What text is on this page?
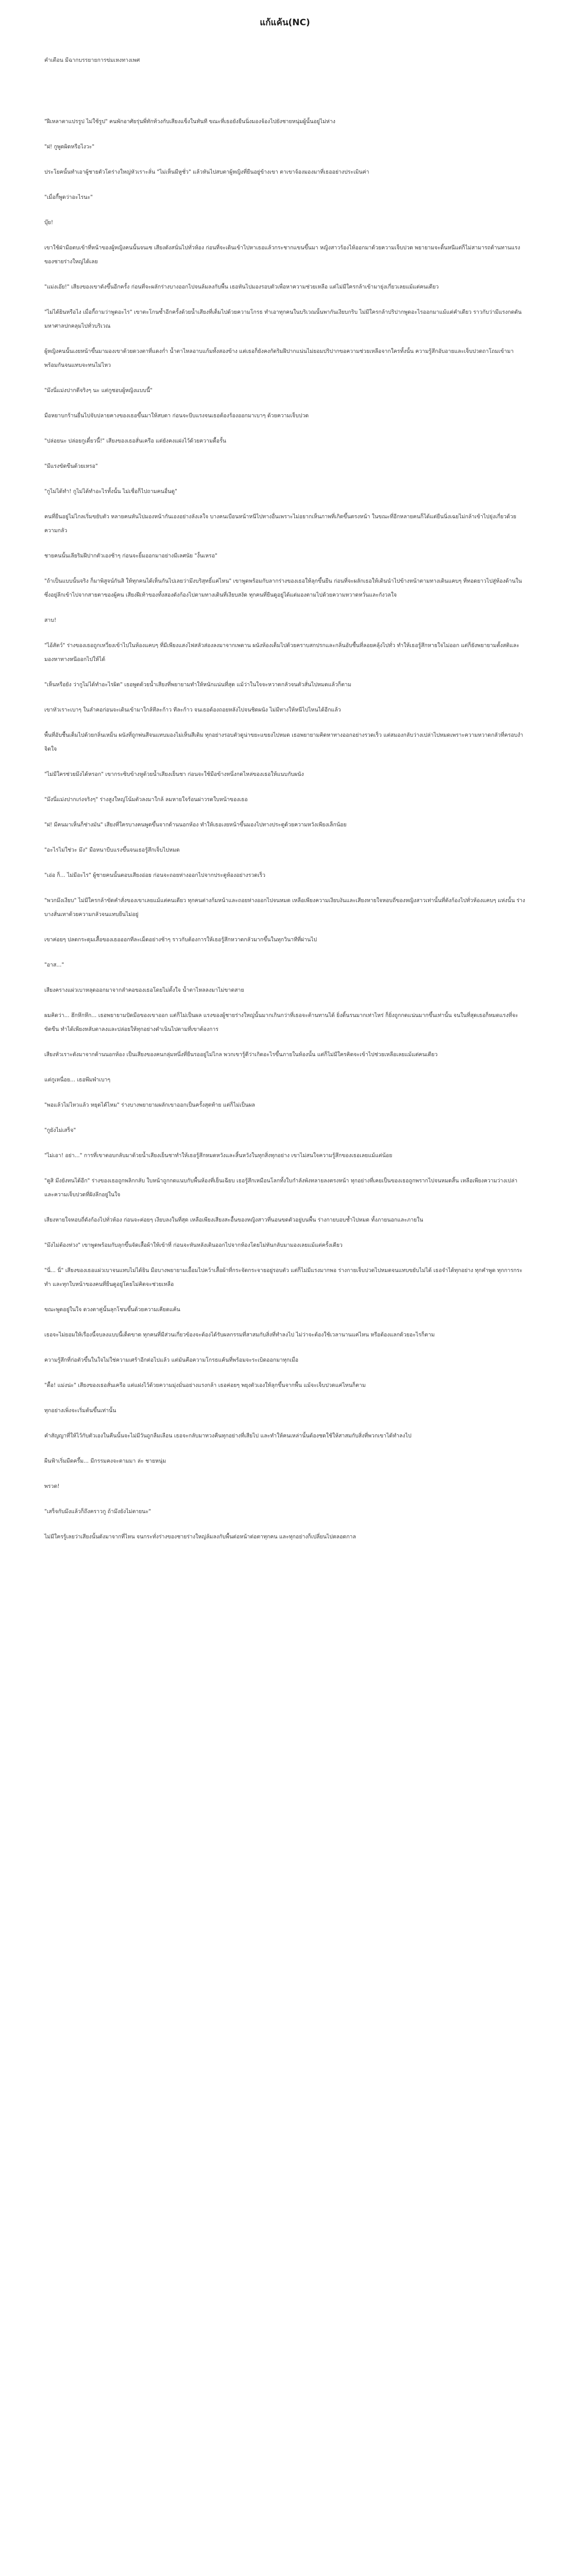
แก้แค้น(NC)

คำเตือน มีฉากบรรยายการข่มเหงทางเพศ

"ฝีเหลาตาแปรรูป ไม่ใช้รูป" คนพักอาศัยรุ่นพี่ทักท้วงกับเสียงแข็งในทันที ขณะที่เธอยังยืนนิ่งมองจ้องไปยังชายหนุ่มผู้นั้นอยู่ไม่ห่าง

"ฝ! กูพูดผิดหรือไงวะ"

ประโยคนั้นทำเอาผู้ชายตัวโตร่างใหญ่หัวเราะลั่น "ไม่เห็นมีหูชั่ว" แล้วหันไปสบตาผู้หญิงที่ยืนอยู่ข้างเขา ตาเขาจ้องมองมาที่เธออย่างประเมินค่า

"เมื่อกี้พูดว่าอะไรนะ"

บุ๊ย!

เขาใช้ฝ่ามือตบเข้าที่หน้าของผู้หญิงคนนั้นจนเซ เสียงดังสนั่นไปทั่วห้อง ก่อนที่จะเดินเข้าไปหาเธอแล้วกระชากแขนขึ้นมา หญิงสาวร้องไห้ออกมาด้วยความเจ็บปวด พยายามจะดิ้นหนีแต่ก็ไม่สามารถต้านทานแรงของชายร่างใหญ่ได้เลย

"แม่งเอ๊ย!" เสียงของเขาดังขึ้นอีกครั้ง ก่อนที่จะผลักร่างบางออกไปจนล้มลงกับพื้น เธอหันไปมองรอบตัวเพื่อหาความช่วยเหลือ แต่ไม่มีใครกล้าเข้ามายุ่งเกี่ยวเลยแม้แต่คนเดียว

"ไม่ได้ยินหรือไง เมื่อกี้ถามว่าพูดอะไร" เขาตะโกนซ้ำอีกครั้งด้วยน้ำเสียงที่เต็มไปด้วยความโกรธ ทำเอาทุกคนในบริเวณนั้นพากันเงียบกริบ ไม่มีใครกล้าปริปากพูดอะไรออกมาแม้แต่คำเดียว ราวกับว่ามีแรงกดดันมหาศาลปกคลุมไปทั่วบริเวณ

ผู้หญิงคนนั้นเงยหน้าขึ้นมามองเขาด้วยดวงตาที่แดงก่ำ น้ำตาไหลอาบแก้มทั้งสองข้าง แต่เธอก็ยังคงกัดริมฝีปากแน่นไม่ยอมปริปากขอความช่วยเหลือจากใครทั้งนั้น ความรู้สึกอับอายและเจ็บปวดถาโถมเข้ามาพร้อมกันจนแทบจะทนไม่ไหว

"มึงนี่แม่งปากดีจริงๆ นะ แต่กูชอบผู้หญิงแบบนี้"

มือหยาบกร้านยื่นไปจับปลายคางของเธอขึ้นมาให้สบตา ก่อนจะบีบแรงจนเธอต้องร้องออกมาเบาๆ ด้วยความเจ็บปวด

"ปล่อยนะ ปล่อยกูเดี๋ยวนี้!" เสียงของเธอสั่นเครือ แต่ยังคงแฝงไว้ด้วยความดื้อรั้น

"มีแรงขัดขืนด้วยเหรอ"

"กูไม่ได้ทำ! กูไม่ได้ทำอะไรทั้งนั้น ไม่เชื่อก็ไปถามคนอื่นดู"

คนที่ยืนอยู่ไม่ไกลเริ่มขยับตัว หลายคนหันไปมองหน้ากันเองอย่างลังเลใจ บางคนเบือนหน้าหนีไปทางอื่นเพราะไม่อยากเห็นภาพที่เกิดขึ้นตรงหน้า ในขณะที่อีกหลายคนก็ได้แต่ยืนนิ่งเฉยไม่กล้าเข้าไปยุ่งเกี่ยวด้วยความกลัว

ชายคนนั้นเลียริมฝีปากตัวเองช้าๆ ก่อนจะยิ้มออกมาอย่างมีเลศนัย "งั้นเหรอ"

"ถ้าเป็นแบบนั้นจริง ก็มาพิสูจน์กันสิ ให้ทุกคนได้เห็นกันไปเลยว่ามึงบริสุทธิ์แค่ไหน" เขาพูดพร้อมกับลากร่างของเธอให้ลุกขึ้นยืน ก่อนที่จะผลักเธอให้เดินนำไปข้างหน้าตามทางเดินแคบๆ ที่ทอดยาวไปสู่ห้องด้านในซึ่งอยู่ลึกเข้าไปจากสายตาของผู้คน เสียงฝีเท้าของทั้งสองดังก้องไปตามทางเดินที่เงียบสงัด ทุกคนที่ยืนดูอยู่ได้แต่มองตามไปด้วยความหวาดหวั่นและกังวลใจ

สาบ!

"ไอ้สัตว์" ร่างของเธอถูกเหวี่ยงเข้าไปในห้องแคบๆ ที่มีเพียงแสงไฟสลัวส่องลงมาจากเพดาน ผนังห้องเต็มไปด้วยคราบสกปรกและกลิ่นอับชื้นที่ลอยคลุ้งไปทั่ว ทำให้เธอรู้สึกหายใจไม่ออก แต่ก็ยังพยายามตั้งสติและมองหาทางหนีออกไปให้ได้

"เห็นหรือยัง ว่ากูไม่ได้ทำอะไรผิด" เธอพูดด้วยน้ำเสียงที่พยายามทำให้หนักแน่นที่สุด แม้ว่าในใจจะหวาดกลัวจนตัวสั่นไปหมดแล้วก็ตาม

เขาหัวเราะเบาๆ ในลำคอก่อนจะเดินเข้ามาใกล้ทีละก้าว ทีละก้าว จนเธอต้องถอยหลังไปจนชิดผนัง ไม่มีทางให้หนีไปไหนได้อีกแล้ว

พื้นที่อับชื้นเต็มไปด้วยกลิ่นเหม็น ผนังที่ถูกพ่นสีจนแทบมองไม่เห็นสีเดิม ทุกอย่างรอบตัวดูน่าขยะแขยงไปหมด เธอพยายามคิดหาทางออกอย่างรวดเร็ว แต่สมองกลับว่างเปล่าไปหมดเพราะความหวาดกลัวที่ครอบงำจิตใจ

"ไม่มีใครช่วยมึงได้หรอก" เขากระซิบข้างหูด้วยน้ำเสียงเย็นชา ก่อนจะใช้มือข้างหนึ่งกดไหล่ของเธอให้แนบกับผนัง

"มึงนี่แม่งปากเก่งจริงๆ" ร่างสูงใหญ่โน้มตัวลงมาใกล้ ลมหายใจร้อนผ่าวรดใบหน้าของเธอ

"ฝ! มีคนมาเห็นก็ช่างมัน" เสียงที่ใครบางคนพูดขึ้นจากด้านนอกห้อง ทำให้เธอเงยหน้าขึ้นมองไปทางประตูด้วยความหวังเพียงเล็กน้อย

"อะไรไม่ใช่วะ มึง" มือหนาบีบแรงขึ้นจนเธอรู้สึกเจ็บไปหมด

"เอ่อ ก็... ไม่มีอะไร" ผู้ชายคนนั้นตอบเสียงอ่อย ก่อนจะถอยห่างออกไปจากประตูห้องอย่างรวดเร็ว

"พวกมึงเงียบ" ไม่มีใครกล้าขัดคำสั่งของเขาเลยแม้แต่คนเดียว ทุกคนต่างก้มหน้าและถอยห่างออกไปจนหมด เหลือเพียงความเงียบงันและเสียงหายใจหอบถี่ของหญิงสาวเท่านั้นที่ดังก้องไปทั่วห้องแคบๆ แห่งนั้น ร่างบางสั่นเทาด้วยความกลัวจนแทบยืนไม่อยู่

เขาค่อยๆ ปลดกระดุมเสื้อของเธอออกทีละเม็ดอย่างช้าๆ ราวกับต้องการให้เธอรู้สึกหวาดกลัวมากขึ้นในทุกวินาทีที่ผ่านไป

"อาส..."

เสียงครางแผ่วเบาหลุดออกมาจากลำคอของเธอโดยไม่ตั้งใจ น้ำตาไหลลงมาไม่ขาดสาย

ผมคิดว่า... ฮึกหึกหึก... เธอพยายามปัดมือของเขาออก แต่ก็ไม่เป็นผล แรงของผู้ชายร่างใหญ่นั้นมากเกินกว่าที่เธอจะต้านทานได้ ยิ่งดิ้นรนมากเท่าไหร่ ก็ยิ่งถูกกดแน่นมากขึ้นเท่านั้น จนในที่สุดเธอก็หมดแรงที่จะขัดขืน ทำได้เพียงหลับตาลงและปล่อยให้ทุกอย่างดำเนินไปตามที่เขาต้องการ

เสียงหัวเราะดังมาจากด้านนอกห้อง เป็นเสียงของคนกลุ่มหนึ่งที่ยืนรออยู่ไม่ไกล พวกเขารู้ดีว่าเกิดอะไรขึ้นภายในห้องนั้น แต่ก็ไม่มีใครคิดจะเข้าไปช่วยเหลือเลยแม้แต่คนเดียว

แต่กูเหนื่อย... เธอพึมพำเบาๆ

"พอแล้วไม่ไหวแล้ว หยุดได้ไหม" ร่างบางพยายามผลักเขาออกเป็นครั้งสุดท้าย แต่ก็ไม่เป็นผล

"กูยังไม่เสร็จ"

"ไม่เอา! อย่า..." การที่เขาตอบกลับมาด้วยน้ำเสียงเย็นชาทำให้เธอรู้สึกหมดหวังและสิ้นหวังในทุกสิ่งทุกอย่าง เขาไม่สนใจความรู้สึกของเธอเลยแม้แต่น้อย

"ดูสิ มึงยังทนได้อีก" ร่างของเธอถูกพลิกกลับ ใบหน้าถูกกดแนบกับพื้นห้องที่เย็นเฉียบ เธอรู้สึกเหมือนโลกทั้งใบกำลังพังทลายลงตรงหน้า ทุกอย่างที่เคยเป็นของเธอถูกพรากไปจนหมดสิ้น เหลือเพียงความว่างเปล่าและความเจ็บปวดที่ฝังลึกอยู่ในใจ

เสียงหายใจหอบถี่ดังก้องไปทั่วห้อง ก่อนจะค่อยๆ เงียบลงในที่สุด เหลือเพียงเสียงสะอื้นของหญิงสาวที่นอนขดตัวอยู่บนพื้น ร่างกายบอบช้ำไปหมด ทั้งภายนอกและภายใน

"มึงไม่ต้องห่วง" เขาพูดพร้อมกับลุกขึ้นจัดเสื้อผ้าให้เข้าที่ ก่อนจะหันหลังเดินออกไปจากห้องโดยไม่หันกลับมามองเลยแม้แต่ครั้งเดียว

"นี่... นี่" เสียงของเธอแผ่วเบาจนแทบไม่ได้ยิน มือบางพยายามเอื้อมไปคว้าเสื้อผ้าที่กระจัดกระจายอยู่รอบตัว แต่ก็ไม่มีแรงมากพอ ร่างกายเจ็บปวดไปหมดจนแทบขยับไม่ได้ เธอจำได้ทุกอย่าง ทุกคำพูด ทุกการกระทำ และทุกใบหน้าของคนที่ยืนดูอยู่โดยไม่คิดจะช่วยเหลือ

ขณะพูดอยู่ในใจ ดวงตาคู่นั้นลุกโชนขึ้นด้วยความเคียดแค้น

เธอจะไม่ยอมให้เรื่องนี้จบลงแบบนี้เด็ดขาด ทุกคนที่มีส่วนเกี่ยวข้องจะต้องได้รับผลกรรมที่สาสมกับสิ่งที่ทำลงไป ไม่ว่าจะต้องใช้เวลานานแค่ไหน หรือต้องแลกด้วยอะไรก็ตาม

ความรู้สึกที่ก่อตัวขึ้นในใจไม่ใช่ความเศร้าอีกต่อไปแล้ว แต่มันคือความโกรธแค้นที่พร้อมจะระเบิดออกมาทุกเมื่อ

"ดื้อ! แม่งน่ะ" เสียงของเธอสั่นเครือ แต่แฝงไว้ด้วยความมุ่งมั่นอย่างแรงกล้า เธอค่อยๆ พยุงตัวเองให้ลุกขึ้นจากพื้น แม้จะเจ็บปวดแค่ไหนก็ตาม

ทุกอย่างเพิ่งจะเริ่มต้นขึ้นเท่านั้น

คำสัญญาที่ให้ไว้กับตัวเองในคืนนั้นจะไม่มีวันถูกลืมเลือน เธอจะกลับมาทวงคืนทุกอย่างที่เสียไป และทำให้คนเหล่านั้นต้องชดใช้ให้สาสมกับสิ่งที่พวกเขาได้ทำลงไป

ผืนฟ้าเริ่มมืดครึ้ม... มีกรรมคงจะตามมา ล่ะ ชายหนุ่ม

พรวด!

"เสร็จกับมึงแล้วก็ถึงคราวกู ถ้ามึงยังไม่ตายนะ"

ไม่มีใครรู้เลยว่าเสียงนั้นดังมาจากที่ไหน จนกระทั่งร่างของชายร่างใหญ่ล้มลงกับพื้นต่อหน้าต่อตาทุกคน และทุกอย่างก็เปลี่ยนไปตลอดกาล
